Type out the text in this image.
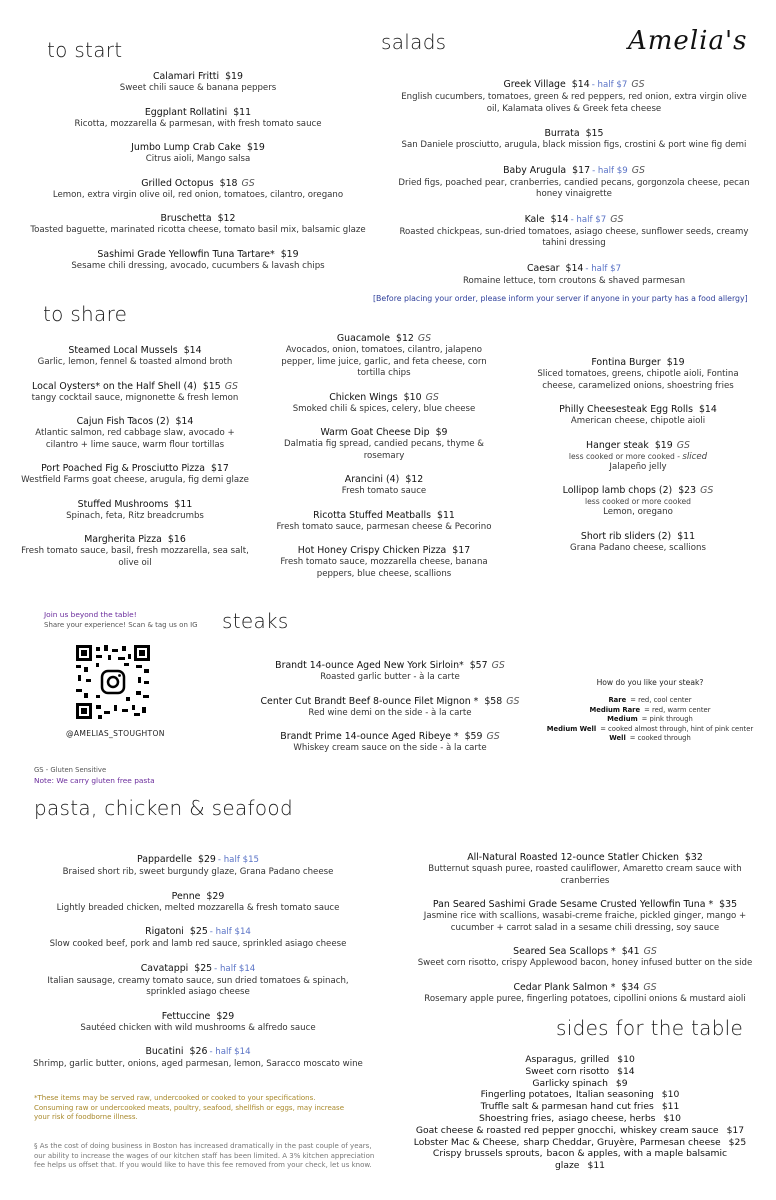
to start	salads	Amelia's
to share
steaks
pasta, chicken & seafood
sides for the table
Calamari Fritti $19
Sweet chili sauce & banana peppers
Eggplant Rollatini $11
Ricotta, mozzarella & parmesan, with fresh tomato sauce
Jumbo Lump Crab Cake $19
Citrus aioli, Mango salsa
Grilled Octopus $18 GS
Lemon, extra virgin olive oil, red onion, tomatoes, cilantro, oregano
Bruschetta $12
Toasted baguette, marinated ricotta cheese, tomato basil mix, balsamic glaze
Sashimi Grade Yellowfin Tuna Tartare* $19
Sesame chili dressing, avocado, cucumbers & lavash chips
Greek Village $14 - half $7 GS
English cucumbers, tomatoes, green & red peppers, red onion, extra virgin olive oil, Kalamata olives & Greek feta cheese
Burrata $15
San Daniele prosciutto, arugula, black mission figs, crostini & port wine fig demi
Baby Arugula $17 - half $9 GS
Dried figs, poached pear, cranberries, candied pecans, gorgonzola cheese, pecan honey vinaigrette
Kale $14 - half $7 GS
Roasted chickpeas, sun-dried tomatoes, asiago cheese, sunflower seeds, creamy tahini dressing
Caesar $14 - half $7
Romaine lettuce, torn croutons & shaved parmesan
[Before placing your order, please inform your server if anyone in your party has a food allergy]
Steamed Local Mussels $14
Garlic, lemon, fennel & toasted almond broth
Local Oysters* on the Half Shell (4) $15 GS
tangy cocktail sauce, mignonette & fresh lemon
Cajun Fish Tacos (2) $14
Atlantic salmon, red cabbage slaw, avocado + cilantro + lime sauce, warm flour tortillas
Port Poached Fig & Prosciutto Pizza $17
Westfield Farms goat cheese, arugula, fig demi glaze
Stuffed Mushrooms $11
Spinach, feta, Ritz breadcrumbs
Margherita Pizza $16
Fresh tomato sauce, basil, fresh mozzarella, sea salt, olive oil
Guacamole $12 GS
Avocados, onion, tomatoes, cilantro, jalapeno pepper, lime juice, garlic, and feta cheese, corn tortilla chips
Chicken Wings $10 GS
Smoked chili & spices, celery, blue cheese
Warm Goat Cheese Dip $9
Dalmatia fig spread, candied pecans, thyme & rosemary
Arancini (4) $12
Fresh tomato sauce
Ricotta Stuffed Meatballs $11
Fresh tomato sauce, parmesan cheese & Pecorino
Hot Honey Crispy Chicken Pizza $17
Fresh tomato sauce, mozzarella cheese, banana peppers, blue cheese, scallions
Fontina Burger $19
Sliced tomatoes, greens, chipotle aioli, Fontina cheese, caramelized onions, shoestring fries
Philly Cheesesteak Egg Rolls $14
American cheese, chipotle aioli
Hanger steak $19 GS
less cooked or more cooked - sliced
Jalapeño jelly
Lollipop lamb chops (2) $23 GS
less cooked or more cooked
Lemon, oregano
Short rib sliders (2) $11
Grana Padano cheese, scallions
Join us beyond the table!
Share your experience! Scan & tag us on IG
@AMELIAS_STOUGHTON
GS - Gluten Sensitive
Note: We carry gluten free pasta
Brandt 14-ounce Aged New York Sirloin* $57 GS
Roasted garlic butter - à la carte
Center Cut Brandt Beef 8-ounce Filet Mignon * $58 GS
Red wine demi on the side - à la carte
Brandt Prime 14-ounce Aged Ribeye * $59 GS
Whiskey cream sauce on the side - à la carte
How do you like your steak?
Rare = red, cool center
Medium Rare = red, warm center
Medium = pink through
Medium Well = cooked almost through, hint of pink center
Well = cooked through
Pappardelle $29 - half $15
Braised short rib, sweet burgundy glaze, Grana Padano cheese
Penne $29
Lightly breaded chicken, melted mozzarella & fresh tomato sauce
Rigatoni $25 - half $14
Slow cooked beef, pork and lamb red sauce, sprinkled asiago cheese
Cavatappi $25 - half $14
Italian sausage, creamy tomato sauce, sun dried tomatoes & spinach, sprinkled asiago cheese
Fettuccine $29
Sautéed chicken with wild mushrooms & alfredo sauce
Bucatini $26 - half $14
Shrimp, garlic butter, onions, aged parmesan, lemon, Saracco moscato wine
All-Natural Roasted 12-ounce Statler Chicken $32
Butternut squash puree, roasted cauliflower, Amaretto cream sauce with cranberries
Pan Seared Sashimi Grade Sesame Crusted Yellowfin Tuna * $35
Jasmine rice with scallions, wasabi-creme fraiche, pickled ginger, mango + cucumber + carrot salad in a sesame chili dressing, soy sauce
Seared Sea Scallops * $41 GS
Sweet corn risotto, crispy Applewood bacon, honey infused butter on the side
Cedar Plank Salmon * $34 GS
Rosemary apple puree, fingerling potatoes, cipollini onions & mustard aioli
Asparagus, grilled $10
Sweet corn risotto $14
Garlicky spinach $9
Fingerling potatoes, Italian seasoning $10
Truffle salt & parmesan hand cut fries $11
Shoestring fries, asiago cheese, herbs $10
Goat cheese & roasted red pepper gnocchi, whiskey cream sauce $17
Lobster Mac & Cheese, sharp Cheddar, Gruyère, Parmesan cheese $25
Crispy brussels sprouts, bacon & apples, with a maple balsamic glaze $11
*These items may be served raw, undercooked or cooked to your specifications. Consuming raw or undercooked meats, poultry, seafood, shellfish or eggs, may increase your risk of foodborne illness.
§ As the cost of doing business in Boston has increased dramatically in the past couple of years, our ability to increase the wages of our kitchen staff has been limited. A 3% kitchen appreciation fee helps us offset that. If you would like to have this fee removed from your check, let us know.
